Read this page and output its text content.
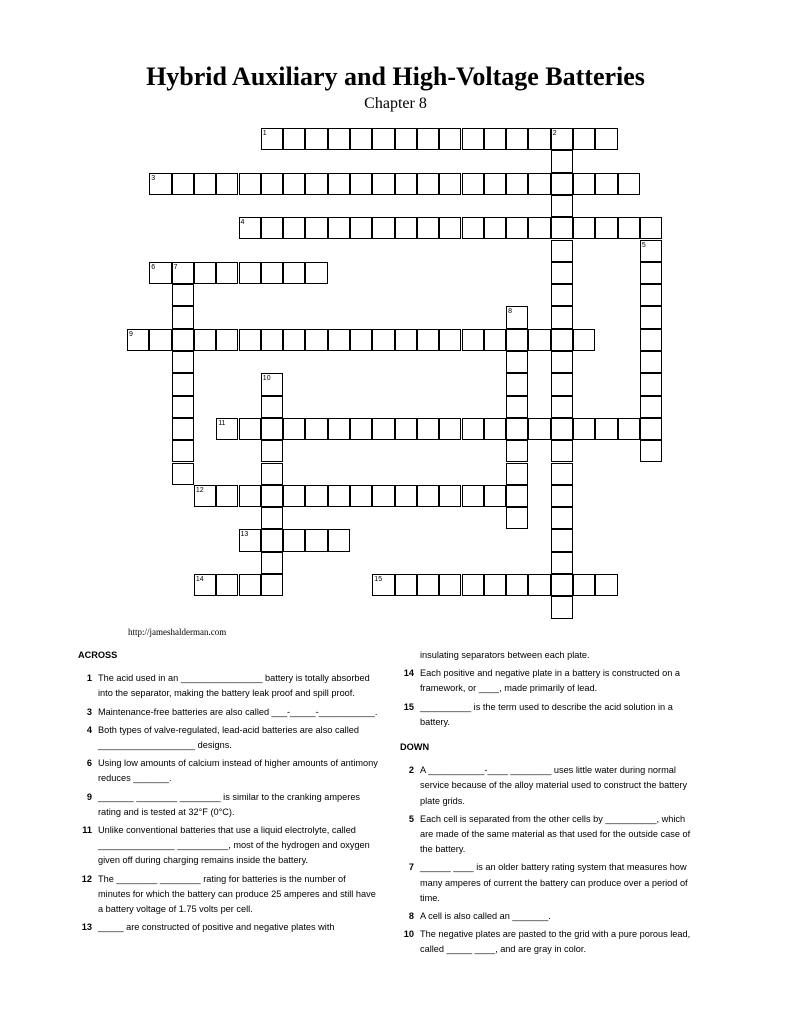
Hybrid Auxiliary and High-Voltage Batteries
Chapter 8
1	2
3
4
5
6	7
8
9
10
11
12
13
14	15
http://jameshalderman.com
ACROSS
1 The acid used in an ________________ battery is totally absorbed into the separator, making the battery leak proof and spill proof.
3 Maintenance-free batteries are also called ___-_____-___________.
4 Both types of valve-regulated, lead-acid batteries are also called ___________________ designs.
6 Using low amounts of calcium instead of higher amounts of antimony reduces _______.
9 _______ ________ ________ is similar to the cranking amperes rating and is tested at 32°F (0°C).
11 Unlike conventional batteries that use a liquid electrolyte, called _______________ __________, most of the hydrogen and oxygen given off during charging remains inside the battery.
12 The ________ ________ rating for batteries is the number of minutes for which the battery can produce 25 amperes and still have a battery voltage of 1.75 volts per cell.
13 _____ are constructed of positive and negative plates with
insulating separators between each plate.
14 Each positive and negative plate in a battery is constructed on a framework, or ____, made primarily of lead.
15 __________ is the term used to describe the acid solution in a battery.
DOWN
2 A ___________-____ ________ uses little water during normal service because of the alloy material used to construct the battery plate grids.
5 Each cell is separated from the other cells by __________, which are made of the same material as that used for the outside case of the battery.
7 ______ ____ is an older battery rating system that measures how many amperes of current the battery can produce over a period of time.
8 A cell is also called an _______.
10 The negative plates are pasted to the grid with a pure porous lead, called _____ ____, and are gray in color.
